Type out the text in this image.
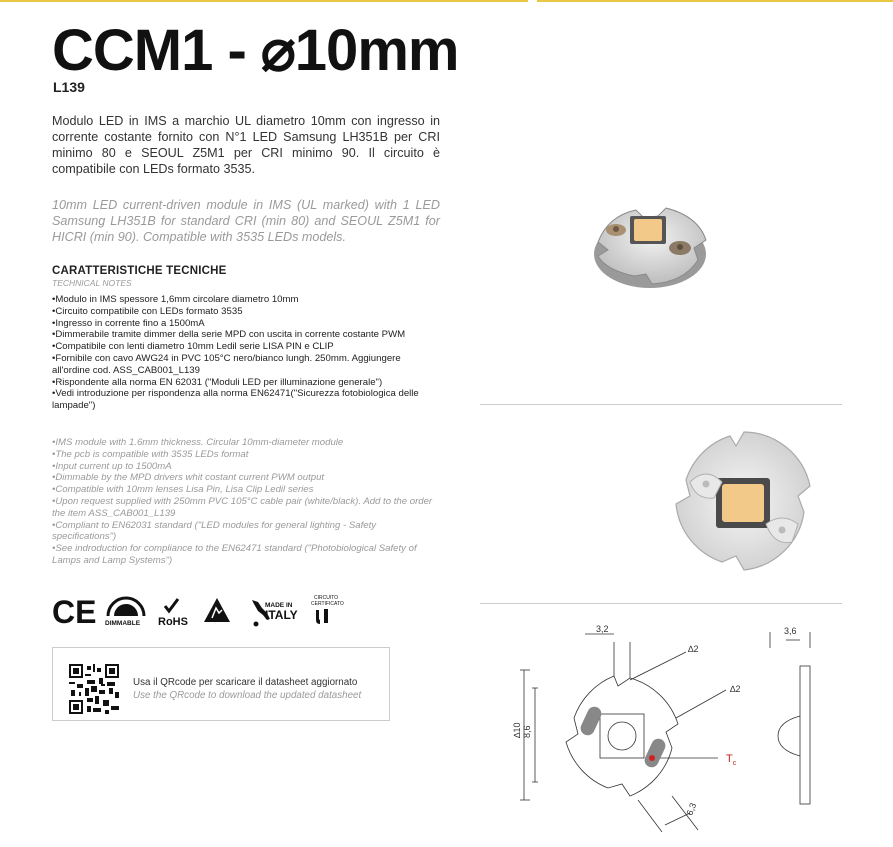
CCM1 - ⌀10mm
L139
Modulo LED in IMS a marchio UL diametro 10mm con ingresso in corrente costante fornito con N°1 LED Samsung LH351B per CRI minimo 80 e SEOUL Z5M1 per CRI minimo 90. Il circuito è compatibile con LEDs formato 3535.
10mm LED current-driven module in IMS (UL marked) with 1 LED Samsung LH351B for standard CRI (min 80) and SEOUL Z5M1 for HICRI (min 90). Compatible with 3535 LEDs models.
CARATTERISTICHE TECNICHE
TECHNICAL NOTES
• Modulo in IMS spessore 1,6mm circolare diametro 10mm
• Circuito compatibile con LEDs formato 3535
• Ingresso in corrente fino a 1500mA
• Dimmerabile tramite dimmer della serie MPD con uscita in corrente costante PWM
• Compatibile con lenti diametro 10mm Ledil serie LISA PIN e CLIP
• Fornibile con cavo AWG24 in PVC 105°C nero/bianco lungh. 250mm. Aggiungere all'ordine cod. ASS_CAB001_L139
• Rispondente alla norma EN 62031 ("Moduli LED per illuminazione generale")
• Vedi introduzione per rispondenza alla norma EN62471("Sicurezza fotobiologica delle lampade")
• IMS module with 1.6mm thickness. Circular 10mm-diameter module
• The pcb is compatible with 3535 LEDs format
• Input current up to 1500mA
• Dimmable by the MPD drivers whit costant current PWM output
• Compatible with 10mm lenses Lisa Pin, Lisa Clip Ledil series
• Upon request supplied with 250mm PVC 105°C cable pair (white/black). Add to the order the item ASS_CAB001_L139
• Compliant to EN62031 standard ("LED modules for general lighting - Safety specifications")
• See indroduction for compliance to the EN62471 standard ("Photobiological Safety of Lamps and Lamp Systems")
CE DIMMABLE RoHS
MADE IN
ITALY
CIRCUITO
CERTIFICATO
Usa il QRcode per scaricare il datasheet aggiornato
Use the QRcode to download the updated datasheet
3,2
∆2
∆2
∆10 8,6
6,3
$T_c$
3,6
